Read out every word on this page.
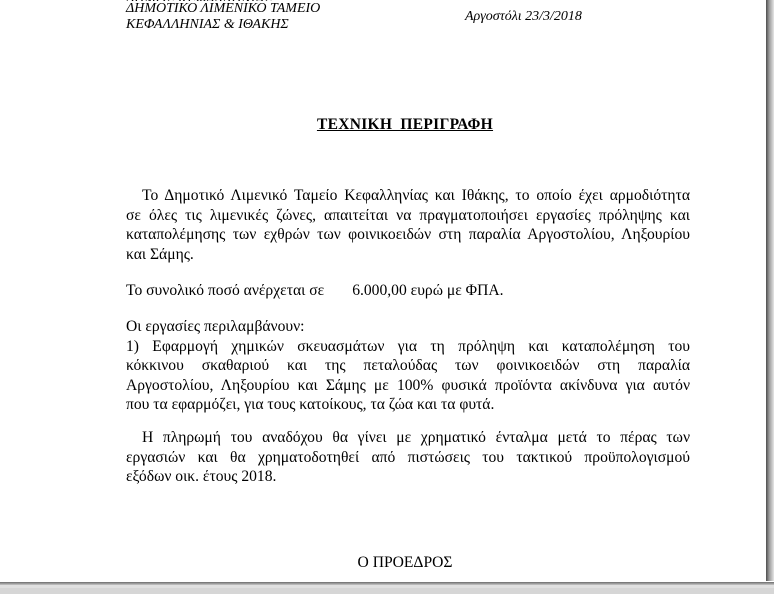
ΔΗΜΟΤΙΚΟ ΛΙΜΕΝΙΚΟ ΤΑΜΕΙΟ
ΚΕΦΑΛΛΗΝΙΑΣ & ΙΘΑΚΗΣ	Αργοστόλι 23/3/2018
ΤΕΧΝΙΚΗ ΠΕΡΙΓΡΑΦΗ
Το Δημοτικό Λιμενικό Ταμείο Κεφαλληνίας και Ιθάκης, το οποίο έχει αρμοδιότητα
σε όλες τις λιμενικές ζώνες, απαιτείται να πραγματοποιήσει εργασίες πρόληψης και
καταπολέμησης των εχθρών των φοινικοειδών στη παραλία Αργοστολίου, Ληξουρίου
και Σάμης.
Το συνολικό ποσό ανέρχεται σε 6.000,00 ευρώ με ΦΠΑ.
Οι εργασίες περιλαμβάνουν:
1) Εφαρμογή χημικών σκευασμάτων για τη πρόληψη και καταπολέμηση του
κόκκινου σκαθαριού και της πεταλούδας των φοινικοειδών στη παραλία
Αργοστολίου, Ληξουρίου και Σάμης με 100% φυσικά προϊόντα ακίνδυνα για αυτόν
που τα εφαρμόζει, για τους κατοίκους, τα ζώα και τα φυτά.
Η πληρωμή του αναδόχου θα γίνει με χρηματικό ένταλμα μετά το πέρας των
εργασιών και θα χρηματοδοτηθεί από πιστώσεις του τακτικού προϋπολογισμού
εξόδων οικ. έτους 2018.
Ο ΠΡΟΕΔΡΟΣ
